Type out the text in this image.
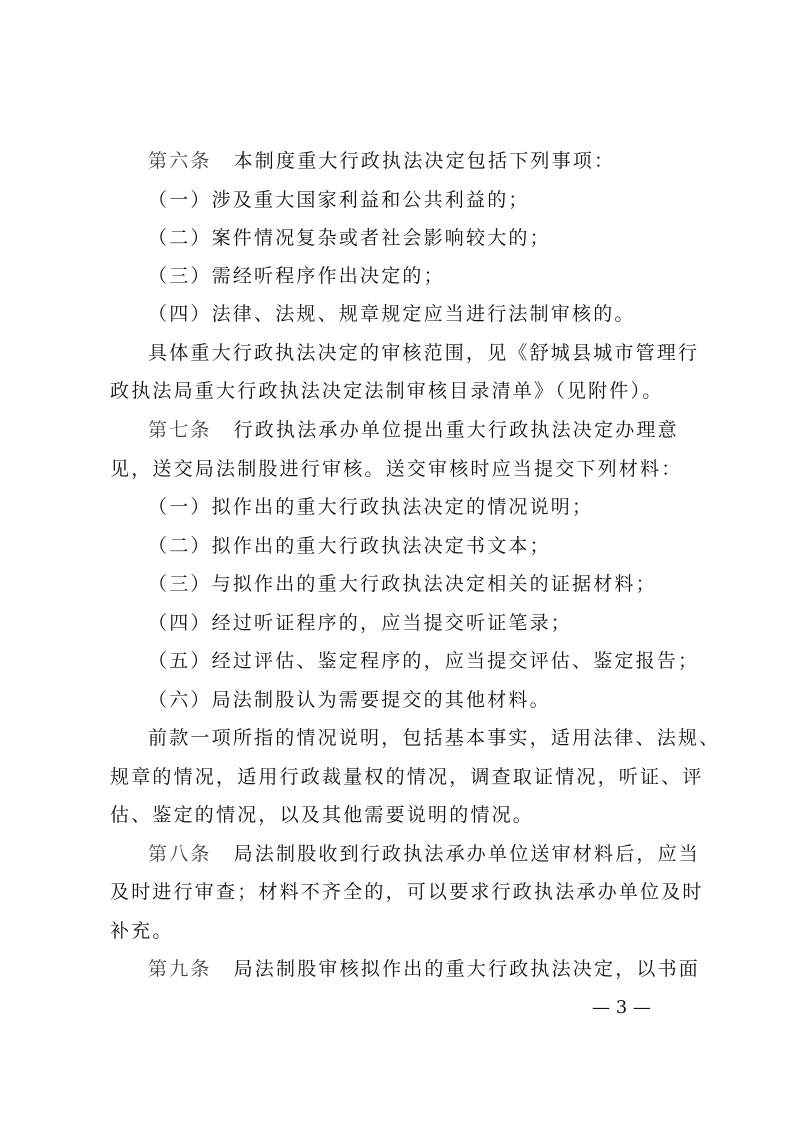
第六条 本制度重大行政执法决定包括下列事项：
（一）涉及重大国家利益和公共利益的；
（二）案件情况复杂或者社会影响较大的；
（三）需经听程序作出决定的；
（四）法律、法规、规章规定应当进行法制审核的。
具体重大行政执法决定的审核范围，见《舒城县城市管理行
政执法局重大行政执法决定法制审核目录清单》（见附件）。
第七条 行政执法承办单位提出重大行政执法决定办理意
见，送交局法制股进行审核。送交审核时应当提交下列材料：
（一）拟作出的重大行政执法决定的情况说明；
（二）拟作出的重大行政执法决定书文本；
（三）与拟作出的重大行政执法决定相关的证据材料；
（四）经过听证程序的，应当提交听证笔录；
（五）经过评估、鉴定程序的，应当提交评估、鉴定报告；
（六）局法制股认为需要提交的其他材料。
前款一项所指的情况说明，包括基本事实，适用法律、法规、
规章的情况，适用行政裁量权的情况，调查取证情况，听证、评
估、鉴定的情况，以及其他需要说明的情况。
第八条 局法制股收到行政执法承办单位送审材料后，应当
及时进行审查；材料不齐全的，可以要求行政执法承办单位及时
补充。
第九条 局法制股审核拟作出的重大行政执法决定，以书面
— 3 —
